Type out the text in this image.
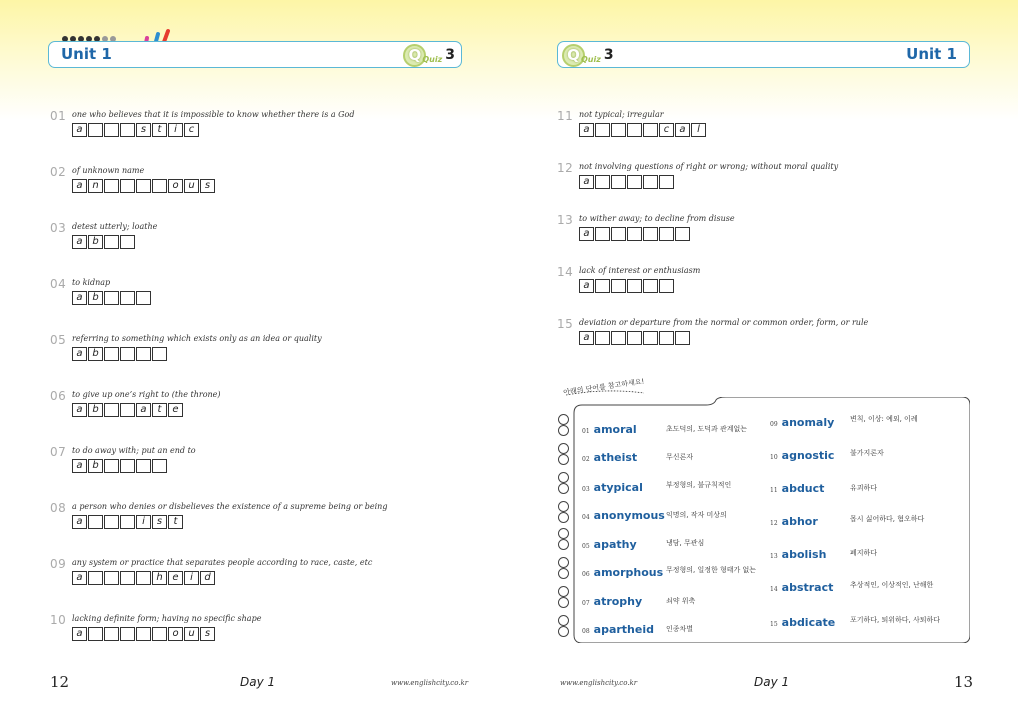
Unit 1	Q Quiz 3
01 one who believes that it is impossible to know whether there is a God
a	s	t	i	c
02 of unknown name
a n	o u	s
03 detest utterly; loathe
a b
04 to kidnap
a b
05 referring to something which exists only as an idea or quality
a b
06 to give up one’s right to (the throne)
a b	a	t	e
07 to do away with; put an end to
a b
08 a person who denies or disbelieves the existence of a supreme being or being
a	i	s	t
09 any system or practice that separates people according to race, caste, etc
a	h e	i	d
10 lacking definite form; having no specific shape
a	o u	s
12	Day 1	www.englishcity.co.kr
Q Quiz 3	Unit 1
11 not typical; irregular
a	c	a	l
12 not involving questions of right or wrong; without moral quality
a
13 to wither away; to decline from disuse
a
14 lack of interest or enthusiasm
a
15 deviation or departure from the normal or common order, form, or rule
a
www.englishcity.co.kr	Day 1	13
아래의 단어를 참고하세요!
01 amoral	초도덕의, 도덕과 관계없는
02 atheist	무신론자
03 atypical	부정형의, 불규칙적인
04 anonymous 익명의, 작자 미상의
05 apathy	냉담, 무관심
06 amorphous 무정형의, 일정한 형태가 없는
07 atrophy	쇠약 위축
08 apartheid 인종차별
09 anomaly 변칙, 이상: 예외, 이례
10 agnostic 불가지론자
11 abduct	유괴하다
12 abhor	몹시 싫어하다, 혐오하다
13 abolish	폐지하다
14 abstract 추상적인, 이상적인, 난해한
15 abdicate 포기하다, 퇴위하다, 사퇴하다
